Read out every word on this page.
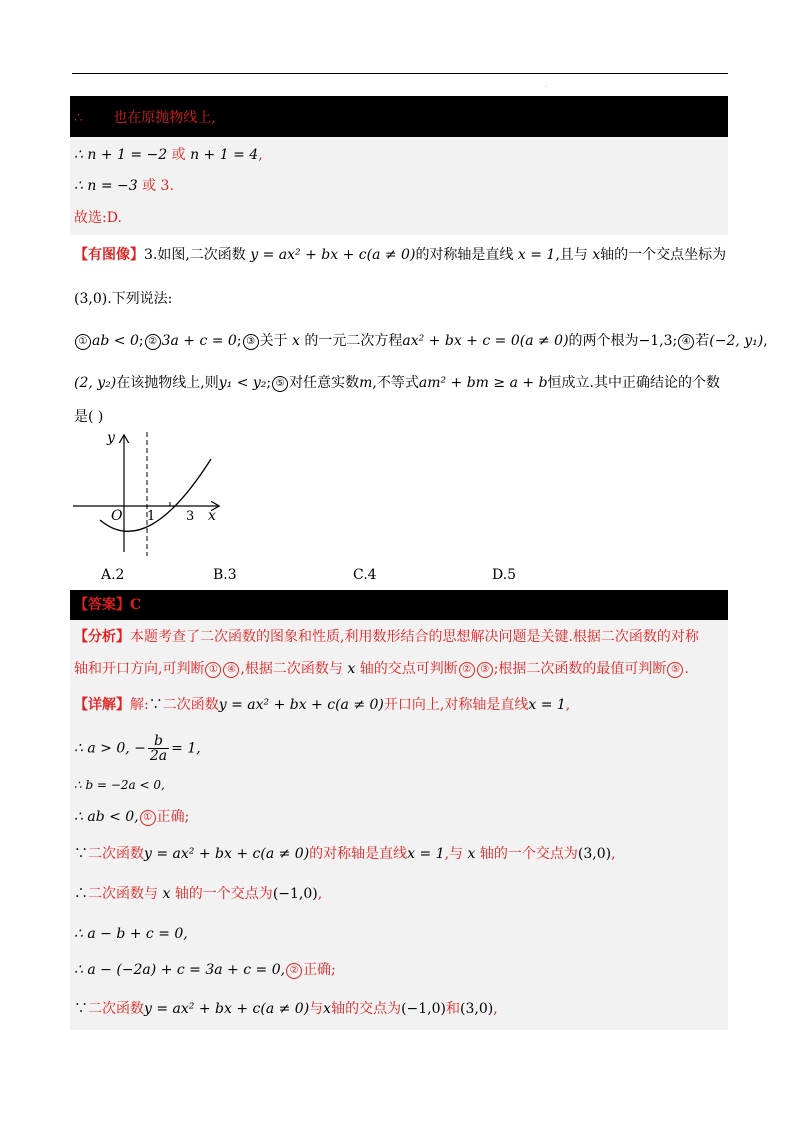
.
∴ 也在原抛物线上,
∴ n + 1 = −2 或 n + 1 = 4,
∴ n = −3 或 3.
故选:D.
【有图像】3.如图,二次函数 y = ax² + bx + c(a ≠ 0)的对称轴是直线 x = 1,且与 x轴的一个交点坐标为
(3,0).下列说法:
① ab < 0; ② 3a + c = 0; ③ 关于 x 的一元二次方程ax² + bx + c = 0(a ≠ 0)的两个根为−1,3; ④ 若(−2, y₁),
(2, y₂)在该抛物线上,则y₁ < y₂; ⑤ 对任意实数m,不等式am² + bm ≥ a + b恒成立.其中正确结论的个数
是( )
y
x
O 1 3
A.2	B.3	C.4	D.5
【答案】C
【分析】本题考查了二次函数的图象和性质,利用数形结合的思想解决问题是关键.根据二次函数的对称
轴和开口方向,可判断 ① ④ ,根据二次函数与 x 轴的交点可判断 ② ③ ;根据二次函数的最值可判断 ⑤ .
【详解】解:∵二次函数y = ax² + bx + c(a ≠ 0)开口向上,对称轴是直线x = 1,
∴ a > 0, − $\frac{b}{2a} = 1$,
∴ b = −2a < 0,
∴ ab < 0, ① 正确;
∵二次函数y = ax² + bx + c(a ≠ 0)的对称轴是直线x = 1,与 x 轴的一个交点为(3,0),
∴二次函数与 x 轴的一个交点为(−1,0),
∴ a − b + c = 0,
∴ a − (−2a) + c = 3a + c = 0, ② 正确;
∵二次函数y = ax² + bx + c(a ≠ 0)与x轴的交点为(−1,0)和(3,0),
